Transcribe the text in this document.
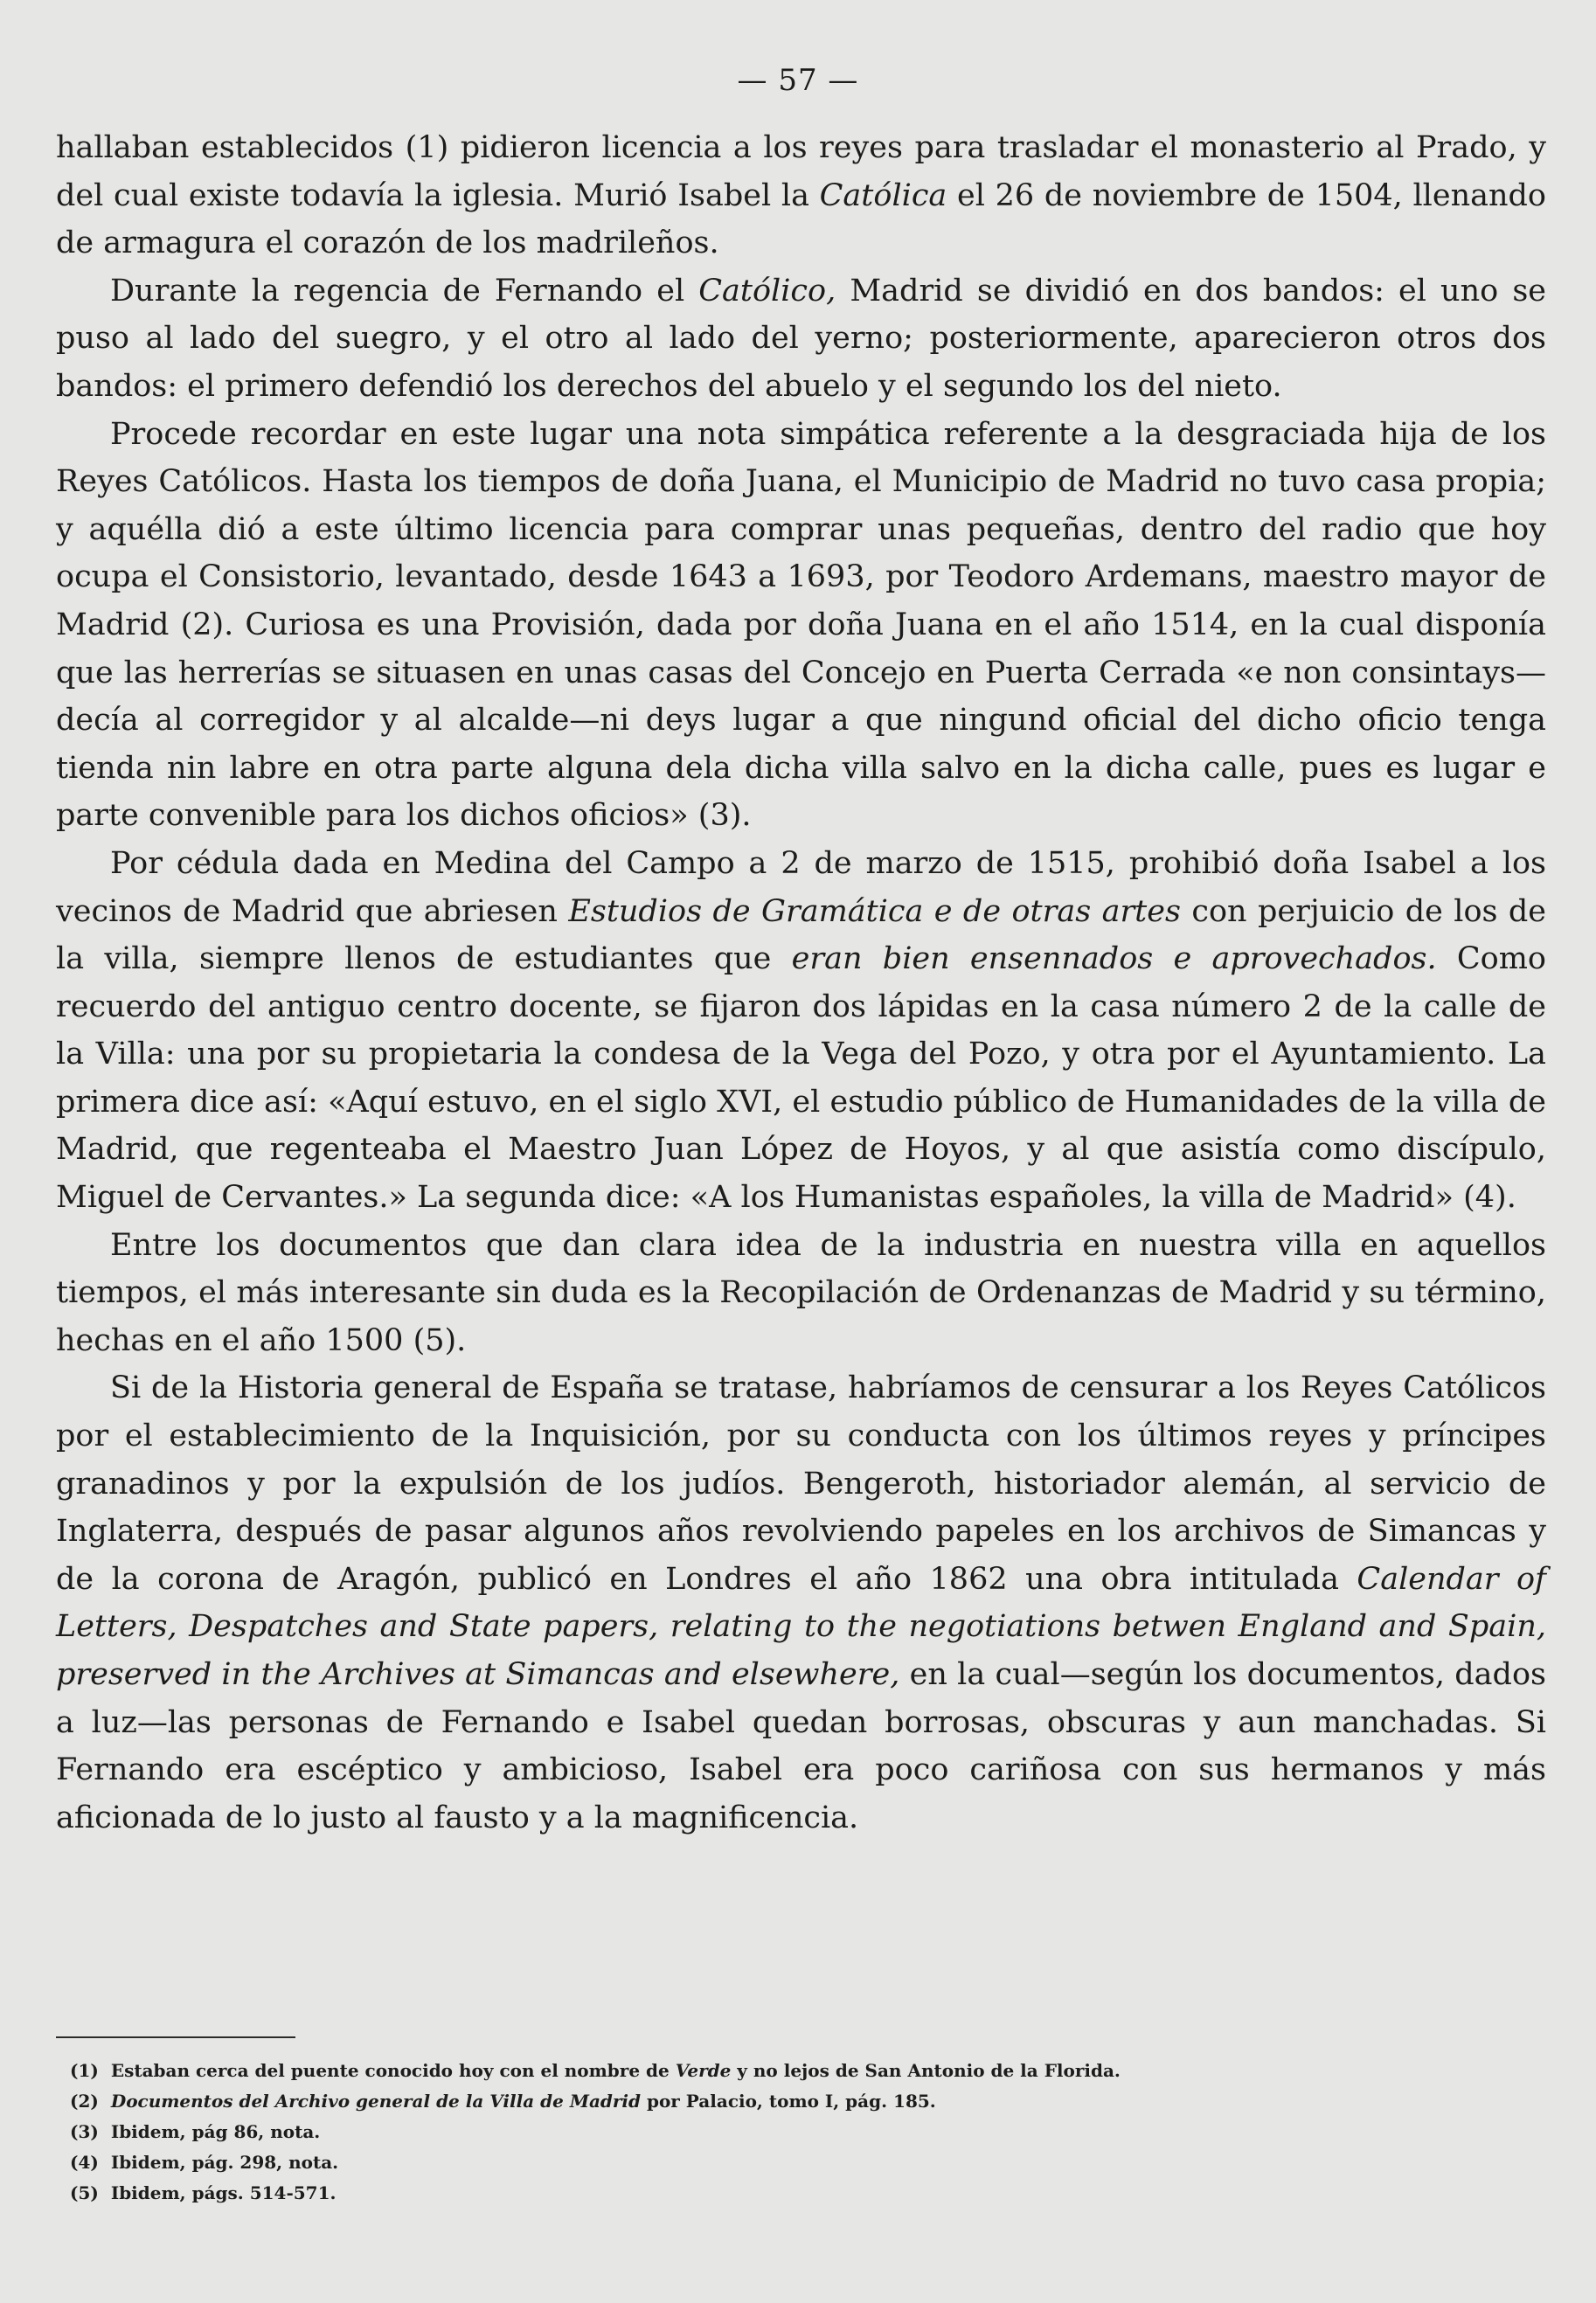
— 57 —

hallaban establecidos (1) pidieron licencia a los reyes para trasladar el monasterio al Prado, y del cual existe todavía la iglesia. Murió Isabel la Católica el 26 de noviembre de 1504, llenando de armagura el corazón de los madrileños.

Durante la regencia de Fernando el Católico, Madrid se dividió en dos bandos: el uno se puso al lado del suegro, y el otro al lado del yerno; posteriormente, aparecieron otros dos bandos: el primero defendió los derechos del abuelo y el segundo los del nieto.

Procede recordar en este lugar una nota simpática referente a la desgraciada hija de los Reyes Católicos. Hasta los tiempos de doña Juana, el Municipio de Madrid no tuvo casa propia; y aquélla dió a este último licencia para comprar unas pequeñas, dentro del radio que hoy ocupa el Consistorio, levantado, desde 1643 a 1693, por Teodoro Ardemans, maestro mayor de Madrid (2). Curiosa es una Provisión, dada por doña Juana en el año 1514, en la cual disponía que las herrerías se situasen en unas casas del Concejo en Puerta Cerrada «e non consintays—decía al corregidor y al alcalde—ni deys lugar a que ningund oficial del dicho oficio tenga tienda nin labre en otra parte alguna dela dicha villa salvo en la dicha calle, pues es lugar e parte convenible para los dichos oficios» (3).

Por cédula dada en Medina del Campo a 2 de marzo de 1515, prohibió doña Isabel a los vecinos de Madrid que abriesen Estudios de Gramática e de otras artes con perjuicio de los de la villa, siempre llenos de estudiantes que eran bien ensennados e aprovechados. Como recuerdo del antiguo centro docente, se fijaron dos lápidas en la casa número 2 de la calle de la Villa: una por su propietaria la condesa de la Vega del Pozo, y otra por el Ayuntamiento. La primera dice así: «Aquí estuvo, en el siglo XVI, el estudio público de Humanidades de la villa de Madrid, que regenteaba el Maestro Juan López de Hoyos, y al que asistía como discípulo, Miguel de Cervantes.» La segunda dice: «A los Humanistas españoles, la villa de Madrid» (4).

Entre los documentos que dan clara idea de la industria en nuestra villa en aquellos tiempos, el más interesante sin duda es la Recopilación de Ordenanzas de Madrid y su término, hechas en el año 1500 (5).

Si de la Historia general de España se tratase, habríamos de censurar a los Reyes Católicos por el establecimiento de la Inquisición, por su conducta con los últimos reyes y príncipes granadinos y por la expulsión de los judíos. Bengeroth, historiador alemán, al servicio de Inglaterra, después de pasar algunos años revolviendo papeles en los archivos de Simancas y de la corona de Aragón, publicó en Londres el año 1862 una obra intitulada Calendar of Letters, Despatches and State papers, relating to the negotiations betwen England and Spain, preserved in the Archives at Simancas and elsewhere, en la cual—según los documentos, dados a luz—las personas de Fernando e Isabel quedan borrosas, obscuras y aun manchadas. Si Fernando era escéptico y ambicioso, Isabel era poco cariñosa con sus hermanos y más aficionada de lo justo al fausto y a la magnificencia.

(1) Estaban cerca del puente conocido hoy con el nombre de Verde y no lejos de San Antonio de la Florida.
(2) Documentos del Archivo general de la Villa de Madrid por Palacio, tomo I, pág. 185.
(3) Ibidem, pág 86, nota.
(4) Ibidem, pág. 298, nota.
(5) Ibidem, págs. 514-571.
